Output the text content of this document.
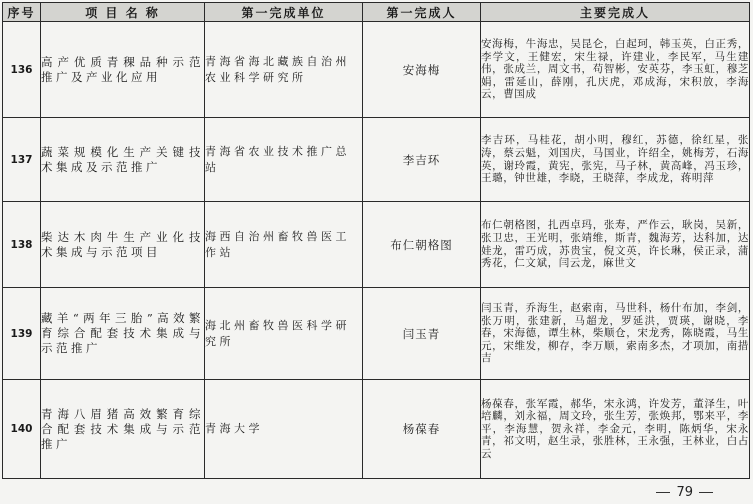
序号	项 目 名 称	第一完成单位	第一完成人	主要完成人
136	高产优质青稞品种示范推广及产业化应用	青海省海北藏族自治州农业科学研究所	安海梅	安海梅，牛海忠，吴昆仑，白起珂，韩玉英，白正秀，李学文，王健宏，宋生禄，许建业，李民军，马生建伟，张成兰，周文书，苟智彬，安英芬，李玉虹，穆芝娟，雷延山，薛刚，孔庆虎，邓成海，宋积放，李海云，曹国成
137	蔬菜规模化生产关键技术集成及示范推广	青海省农业技术推广总站	李吉环	李吉环，马桂花，胡小明，穆红，苏德，徐红星，张涛，蔡云魁，刘国庆，马国业，许绍全，姚梅芳，石海英，谢玲霞，黄宪，张宪，马子林，黄高峰，冯玉珍，王璐，钟世雄，李晓，王晓萍，李成龙，蒋明萍
138	柴达木肉牛生产业化技术集成与示范项目	海西自治州畜牧兽医工作站	布仁朝格图	布仁朝格图，扎西卓玛，张寿，严作云，耿岗，吴新，张卫忠，王光明，张靖维，斯青，魏海芳，达科加，达娃龙，雷巧成，苏贵宝，倪文英，许长琳，侯正录，蒲秀花，仁文斌，闫云龙，麻世文
139	藏羊“两年三胎”高效繁育综合配套技术集成与示范推广	海北州畜牧兽医科学研究所	闫玉青	闫玉青，乔海生，赵索南，马世科，杨什布加，李剑，张万明，张建新，马超龙，罗延洪，贾瑛，谢晓，李春，宋海德，谭生林，柴顺仓，宋龙秀，陈晓霞，马生元，宋维发，柳存，李万顺，索南多杰，才项加，南措吉
140	青海八眉猪高效繁育综合配套技术集成与示范推广	青海大学	杨葆春	杨葆春，张军霞，郝华，宋永鸿，许发芳，董泽生，叶培麟，刘永福，周文玲，张生芳，张焕邦，鄂来平，李平，李海慧，贺永祥，李金元，李明，陈炳华，宋永青，祁文明，赵生录，张胜林，王永强，王林业，白占云
79
